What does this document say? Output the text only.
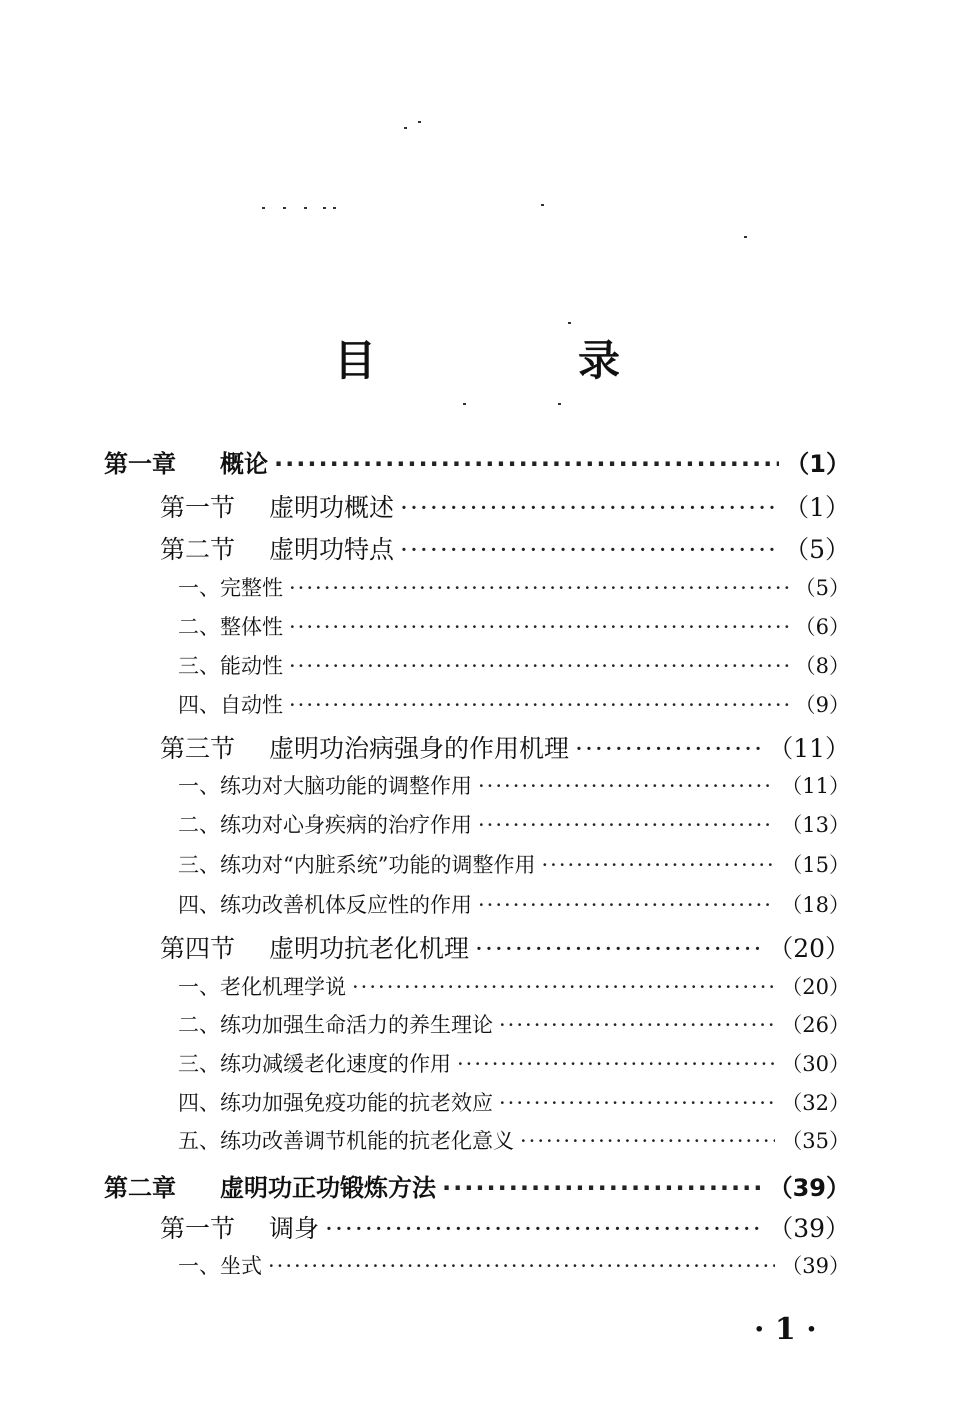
目　录
第一章 概论 ·····	（1）
第一节 虚明功概述 ·····	（1）
第二节 虚明功特点 ·····	（5）
一、完整性 ·····	（5）
二、整体性 ·····	（6）
三、能动性 ·····	（8）
四、自动性 ·····	（9）
第三节 虚明功治病强身的作用机理 ·····	（11）
一、练功对大脑功能的调整作用 ·····	（11）
二、练功对心身疾病的治疗作用 ·····	（13）
三、练功对“内脏系统”功能的调整作用 ·····	（15）
四、练功改善机体反应性的作用 ·····	（18）
第四节 虚明功抗老化机理 ·····	（20）
一、老化机理学说 ·····	（20）
二、练功加强生命活力的养生理论 ·····	（26）
三、练功减缓老化速度的作用 ·····	（30）
四、练功加强免疫功能的抗老效应 ·····	（32）
五、练功改善调节机能的抗老化意义 ·····	（35）
第二章 虚明功正功锻炼方法 ·····	（39）
第一节 调身 ·····	（39）
一、坐式 ·····	（39）
· 1 ·
